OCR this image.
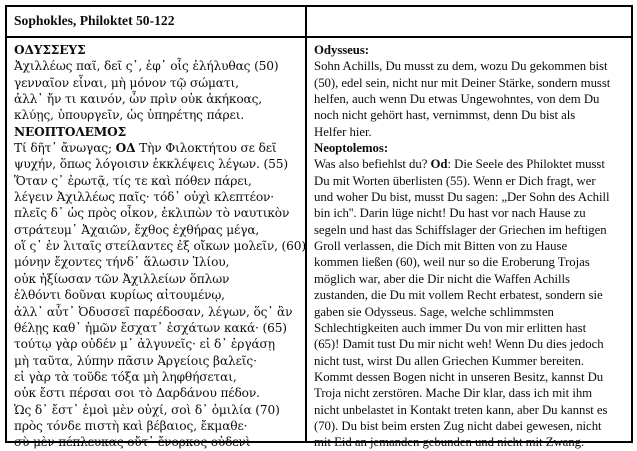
Sophokles, Philoktet 50-122
ΟΔΥΣΣΕΥΣ
Ἀχιλλέως παῖ, δεῖ ς᾽, ἐφ᾽ οἷς ἐλήλυθας (50)
γενναῖον εἶναι, μὴ μόνον τῷ σώματι,
ἀλλ᾽ ἤν τι καινόν, ὧν πρὶν οὐκ ἀκήκοας,
κλύῃς, ὑπουργεῖν, ὡς ὑπηρέτης πάρει.
ΝΕΟΠΤΟΛΕΜΟΣ
Τί δῆτ᾽ ἄνωγας; ΟΔ Τὴν Φιλοκτήτου σε δεῖ
ψυχήν, ὅπως λόγοισιν ἐκκλέψεις λέγων. (55)
Ὅταν ς᾽ ἐρωτᾷ, τίς τε καὶ πόθεν πάρει,
λέγειν Ἀχιλλέως παῖς· τόδ᾽ οὐχὶ κλεπτέον·
πλεῖς δ᾽ ὡς πρὸς οἶκον, ἐκλιπὼν τὸ ναυτικὸν
στράτευμ᾽ Ἀχαιῶν, ἔχθος ἐχθήρας μέγα,
οἵ ς᾽ ἐν λιταῖς στείλαντες ἐξ οἴκων μολεῖν, (60)
μόνην ἔχοντες τήνδ᾽ ἅλωσιν Ἰλίου,
οὐκ ἠξίωσαν τῶν Ἀχιλλείων ὅπλων
ἐλθόντι δοῦναι κυρίως αἰτουμένῳ,
ἀλλ᾽ αὖτ᾽ Ὀδυσσεῖ παρέδοσαν, λέγων, ὅς᾽ ἂν
θέλῃς καθ᾽ ἡμῶν ἔσχατ᾽ ἐσχάτων κακά· (65)
τούτῳ γὰρ οὐδέν μ᾽ ἀλγυνεῖς· εἰ δ᾽ ἐργάσῃ
μὴ ταῦτα, λύπην πᾶσιν Ἀργείοις βαλεῖς·
εἰ γὰρ τὰ τοῦδε τόξα μὴ ληφθήσεται,
οὐκ ἔστι πέρσαι σοι τὸ Δαρδάνου πέδον.
Ὡς δ᾽ ἔστ᾽ ἐμοὶ μὲν οὐχί, σοὶ δ᾽ ὁμιλία (70)
πρὸς τόνδε πιστὴ καὶ βέβαιος, ἔκμαθε·
σὺ μὲν πέπλευκας οὔτ᾽ ἔνορκος οὐδενὶ
Odysseus:
Sohn Achills, Du musst zu dem, wozu Du gekommen bist
(50), edel sein, nicht nur mit Deiner Stärke, sondern musst
helfen, auch wenn Du etwas Ungewohntes, von dem Du
noch nicht gehört hast, vernimmst, denn Du bist als
Helfer hier.
Neoptolemos:
Was also befiehlst du? Od: Die Seele des Philoktet musst
Du mit Worten überlisten (55). Wenn er Dich fragt, wer
und woher Du bist, musst Du sagen: „Der Sohn des Achill
bin ich''. Darin lüge nicht! Du hast vor nach Hause zu
segeln und hast das Schiffslager der Griechen im heftigen
Groll verlassen, die Dich mit Bitten von zu Hause
kommen ließen (60), weil nur so die Eroberung Trojas
möglich war, aber die Dir nicht die Waffen Achills
zustanden, die Du mit vollem Recht erbatest, sondern sie
gaben sie Odysseus. Sage, welche schlimmsten
Schlechtigkeiten auch immer Du von mir erlitten hast
(65)! Damit tust Du mir nicht weh! Wenn Du dies jedoch
nicht tust, wirst Du allen Griechen Kummer bereiten.
Kommt dessen Bogen nicht in unseren Besitz, kannst Du
Troja nicht zerstören. Mache Dir klar, dass ich mit ihm
nicht unbelastet in Kontakt treten kann, aber Du kannst es
(70). Du bist beim ersten Zug nicht dabei gewesen, nicht
mit Eid an jemanden gebunden und nicht mit Zwang.
